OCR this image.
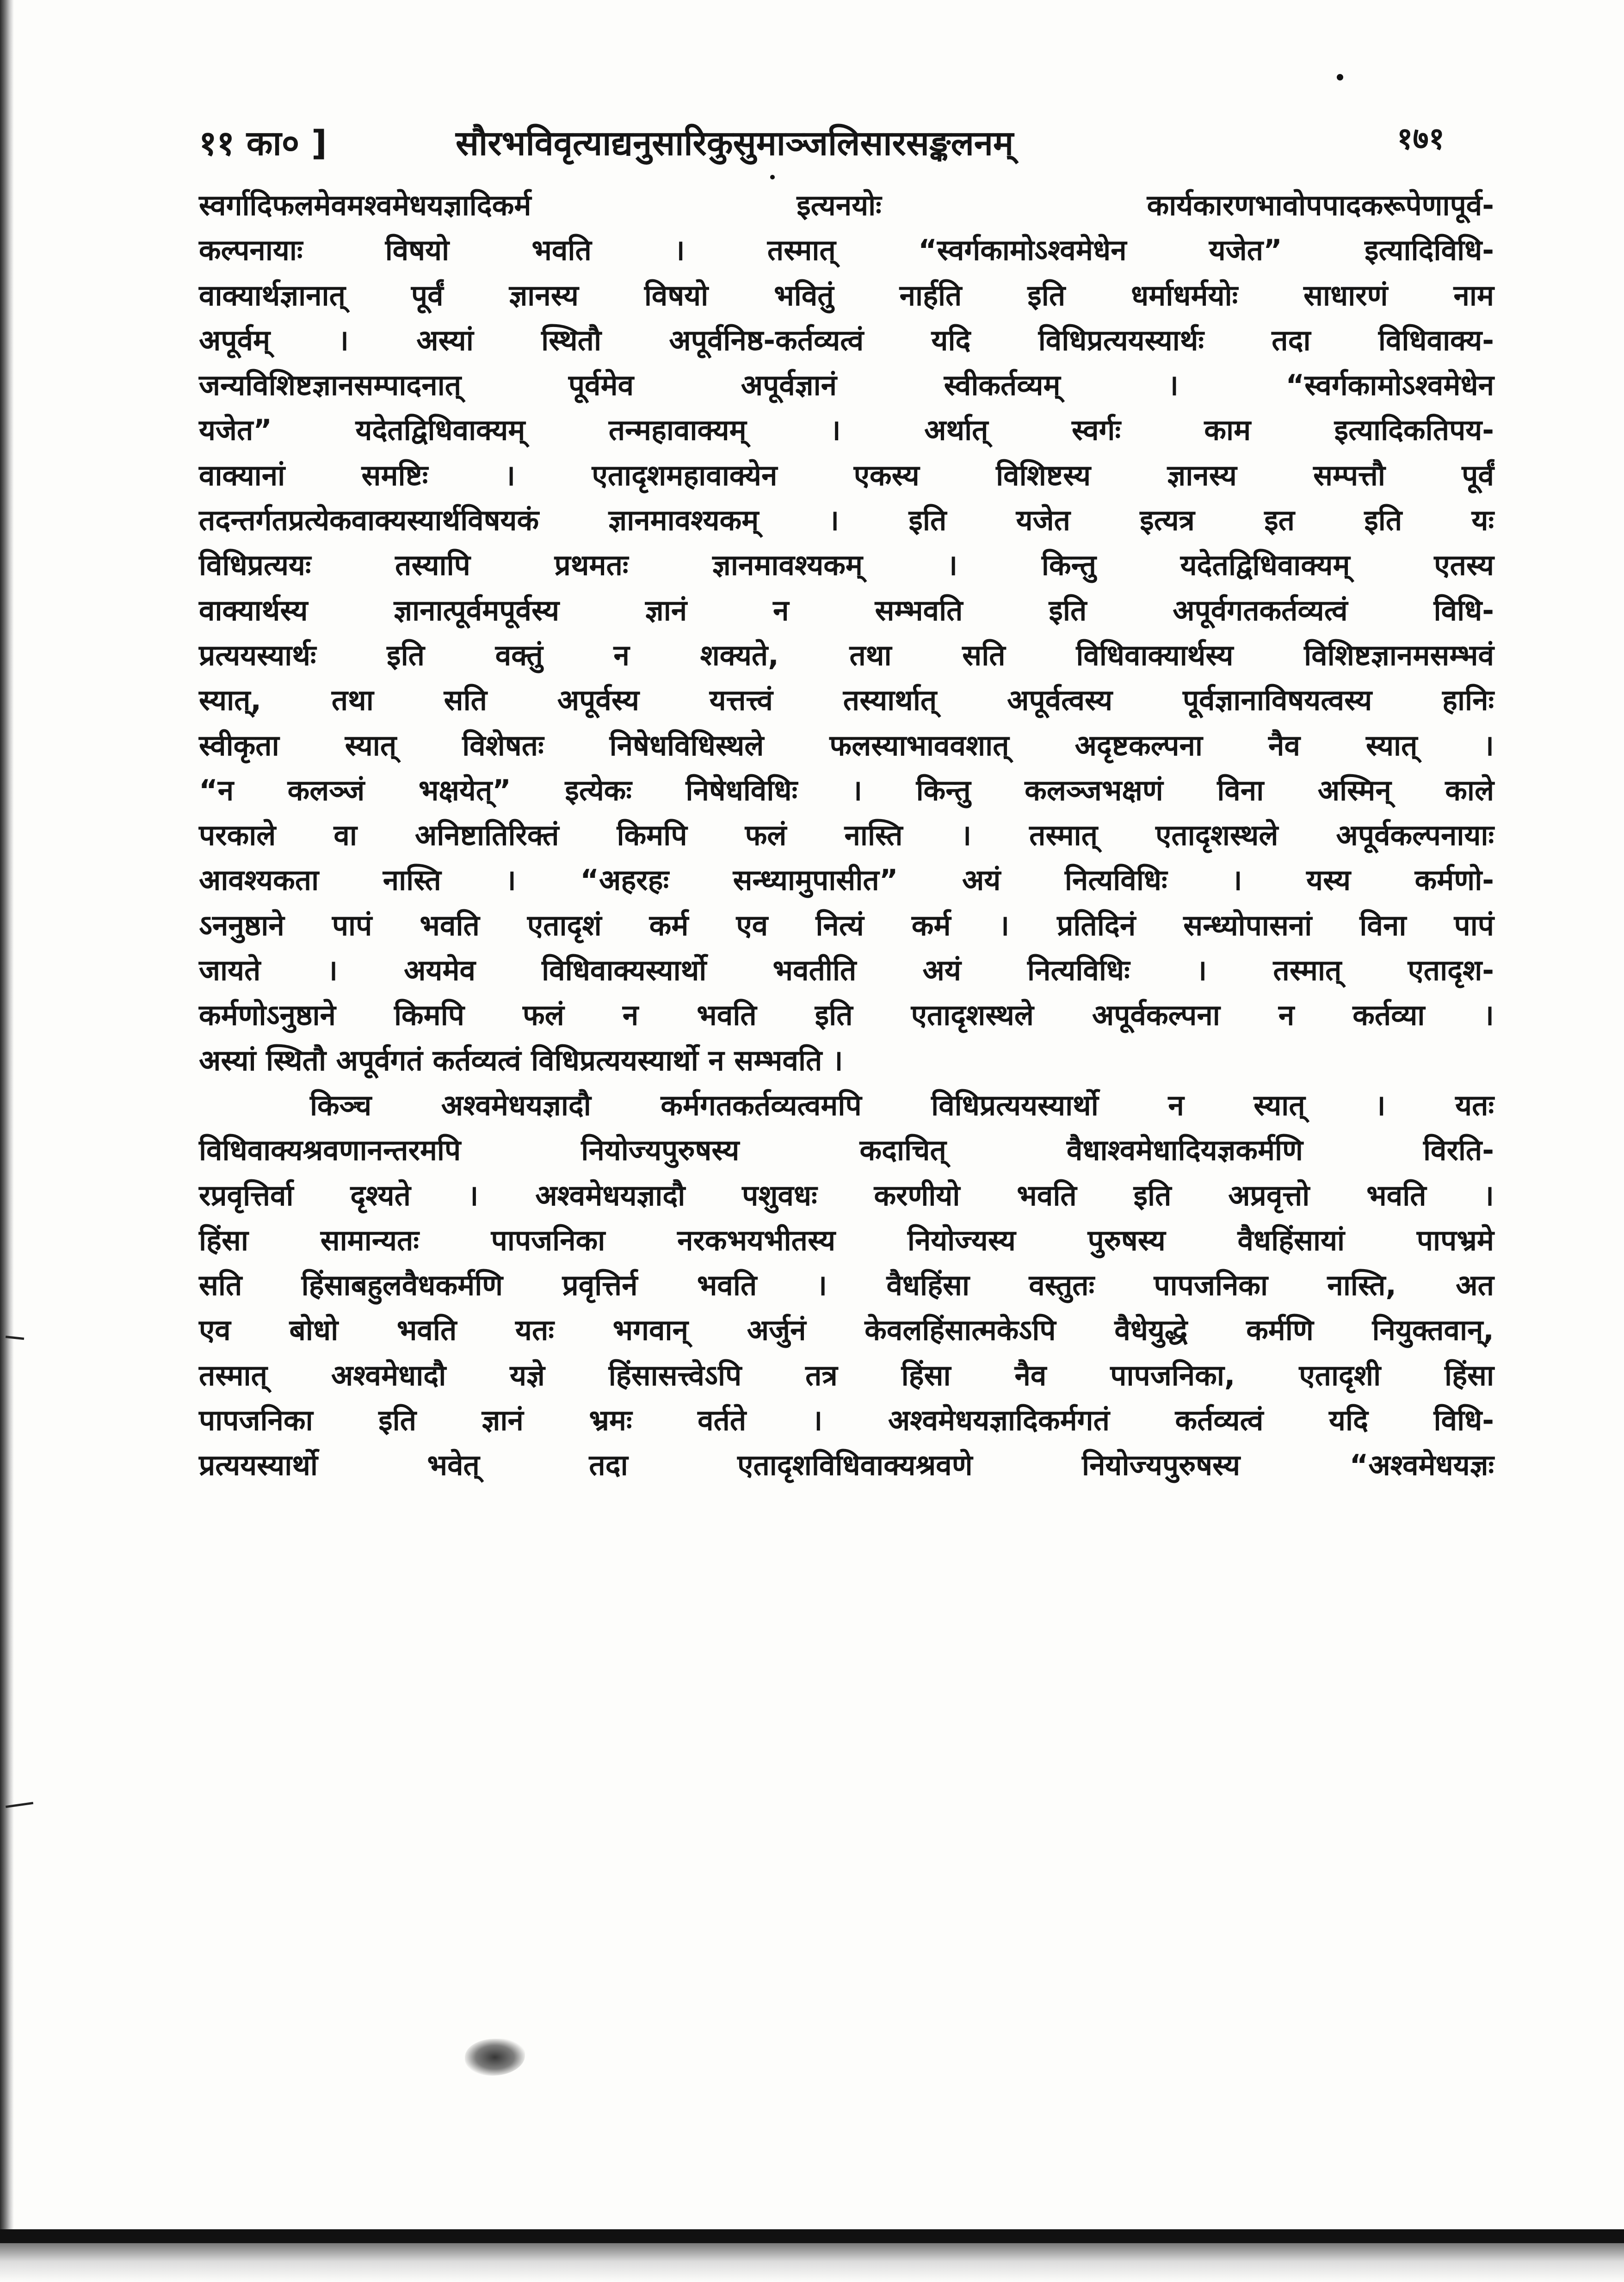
११ का० ]	सौरभविवृत्याद्यनुसारिकुसुमाञ्जलिसारसङ्कलनम्	१७१
स्वर्गादिफलमेवमश्वमेधयज्ञादिकर्म इत्यनयोः कार्यकारणभावोपपादकरूपेणापूर्व-
कल्पनायाः विषयो भवति । तस्मात् “स्वर्गकामोऽश्वमेधेन यजेत” इत्यादिविधि-
वाक्यार्थज्ञानात् पूर्वं ज्ञानस्य विषयो भवितुं नार्हति इति धर्माधर्मयोः साधारणं नाम
अपूर्वम् । अस्यां स्थितौ अपूर्वनिष्ठ-कर्तव्यत्वं यदि विधिप्रत्ययस्यार्थः तदा विधिवाक्य-
जन्यविशिष्टज्ञानसम्पादनात् पूर्वमेव अपूर्वज्ञानं स्वीकर्तव्यम् । “स्वर्गकामोऽश्वमेधेन
यजेत” यदेतद्विधिवाक्यम् तन्महावाक्यम् । अर्थात् स्वर्गः काम इत्यादिकतिपय-
वाक्यानां समष्टिः । एतादृशमहावाक्येन एकस्य विशिष्टस्य ज्ञानस्य सम्पत्तौ पूर्वं
तदन्तर्गतप्रत्येकवाक्यस्यार्थविषयकं ज्ञानमावश्यकम् । इति यजेत इत्यत्र इत इति यः
विधिप्रत्ययः तस्यापि प्रथमतः ज्ञानमावश्यकम् । किन्तु यदेतद्विधिवाक्यम् एतस्य
वाक्यार्थस्य ज्ञानात्पूर्वमपूर्वस्य ज्ञानं न सम्भवति इति अपूर्वगतकर्तव्यत्वं विधि-
प्रत्ययस्यार्थः इति वक्तुं न शक्यते, तथा सति विधिवाक्यार्थस्य विशिष्टज्ञानमसम्भवं
स्यात्, तथा सति अपूर्वस्य यत्तत्त्वं तस्यार्थात् अपूर्वत्वस्य पूर्वज्ञानाविषयत्वस्य हानिः
स्वीकृता स्यात् विशेषतः निषेधविधिस्थले फलस्याभाववशात् अदृष्टकल्पना नैव स्यात् ।
“न कलञ्जं भक्षयेत्” इत्येकः निषेधविधिः । किन्तु कलञ्जभक्षणं विना अस्मिन् काले
परकाले वा अनिष्टातिरिक्तं किमपि फलं नास्ति । तस्मात् एतादृशस्थले अपूर्वकल्पनायाः
आवश्यकता नास्ति । “अहरहः सन्ध्यामुपासीत” अयं नित्यविधिः । यस्य कर्मणो-
ऽननुष्ठाने पापं भवति एतादृशं कर्म एव नित्यं कर्म । प्रतिदिनं सन्ध्योपासनां विना पापं
जायते । अयमेव विधिवाक्यस्यार्थो भवतीति अयं नित्यविधिः । तस्मात् एतादृश-
कर्मणोऽनुष्ठाने किमपि फलं न भवति इति एतादृशस्थले अपूर्वकल्पना न कर्तव्या ।
अस्यां स्थितौ अपूर्वगतं कर्तव्यत्वं विधिप्रत्ययस्यार्थो न सम्भवति ।
किञ्च अश्वमेधयज्ञादौ कर्मगतकर्तव्यत्वमपि विधिप्रत्ययस्यार्थो न स्यात् । यतः
विधिवाक्यश्रवणानन्तरमपि नियोज्यपुरुषस्य कदाचित् वैधाश्वमेधादियज्ञकर्मणि विरति-
रप्रवृत्तिर्वा दृश्यते । अश्वमेधयज्ञादौ पशुवधः करणीयो भवति इति अप्रवृत्तो भवति ।
हिंसा सामान्यतः पापजनिका नरकभयभीतस्य नियोज्यस्य पुरुषस्य वैधहिंसायां पापभ्रमे
सति हिंसाबहुलवैधकर्मणि प्रवृत्तिर्न भवति । वैधहिंसा वस्तुतः पापजनिका नास्ति, अत
एव बोधो भवति यतः भगवान् अर्जुनं केवलहिंसात्मकेऽपि वैधेयुद्धे कर्मणि नियुक्तवान्,
तस्मात् अश्वमेधादौ यज्ञे हिंसासत्त्वेऽपि तत्र हिंसा नैव पापजनिका, एतादृशी हिंसा
पापजनिका इति ज्ञानं भ्रमः वर्तते । अश्वमेधयज्ञादिकर्मगतं कर्तव्यत्वं यदि विधि-
प्रत्ययस्यार्थो भवेत् तदा एतादृशविधिवाक्यश्रवणे नियोज्यपुरुषस्य “अश्वमेधयज्ञः
